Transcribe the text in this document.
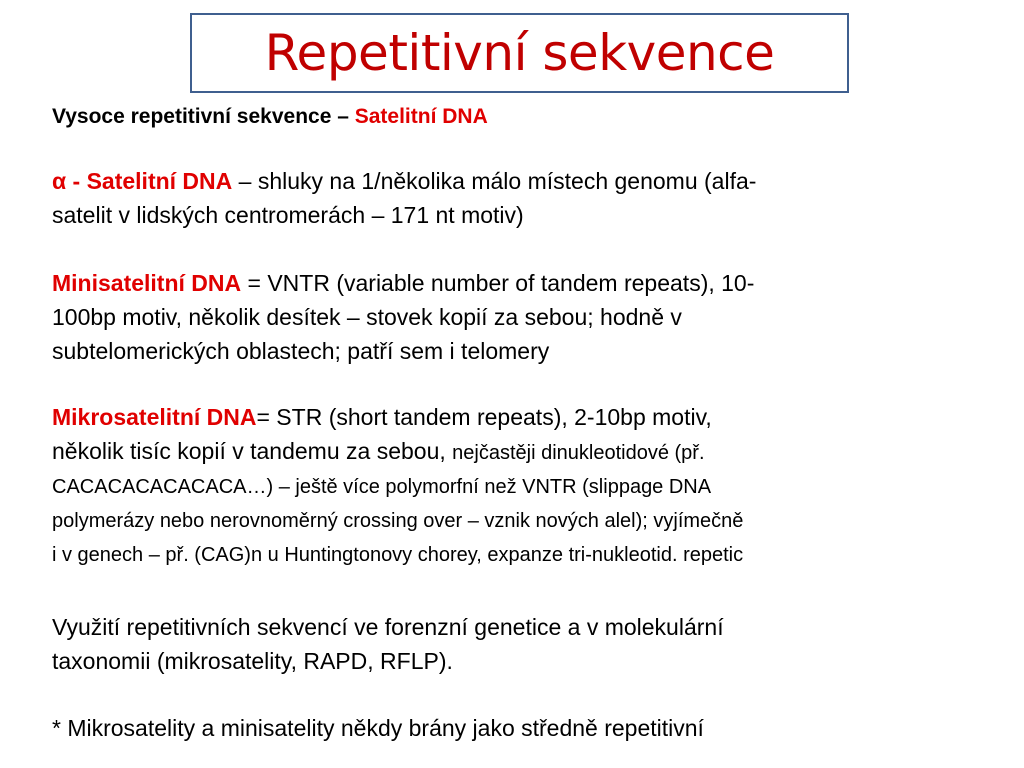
Repetitivní sekvence
Vysoce repetitivní sekvence – Satelitní DNA
α - Satelitní DNA – shluky na 1/několika málo místech genomu (alfa-
satelit v lidských centromerách – 171 nt motiv)
Minisatelitní DNA = VNTR (variable number of tandem repeats), 10-
100bp motiv, několik desítek – stovek kopií za sebou; hodně v
subtelomerických oblastech; patří sem i telomery
Mikrosatelitní DNA= STR (short tandem repeats), 2-10bp motiv,
několik tisíc kopií v tandemu za sebou, nejčastěji dinukleotidové (př.
CACACACACACACA…) – ještě více polymorfní než VNTR (slippage DNA
polymerázy nebo nerovnoměrný crossing over – vznik nových alel); vyjímečně
i v genech – př. (CAG)n u Huntingtonovy chorey, expanze tri-nukleotid. repetic
Využití repetitivních sekvencí ve forenzní genetice a v molekulární
taxonomii (mikrosatelity, RAPD, RFLP).
* Mikrosatelity a minisatelity někdy brány jako středně repetitivní
